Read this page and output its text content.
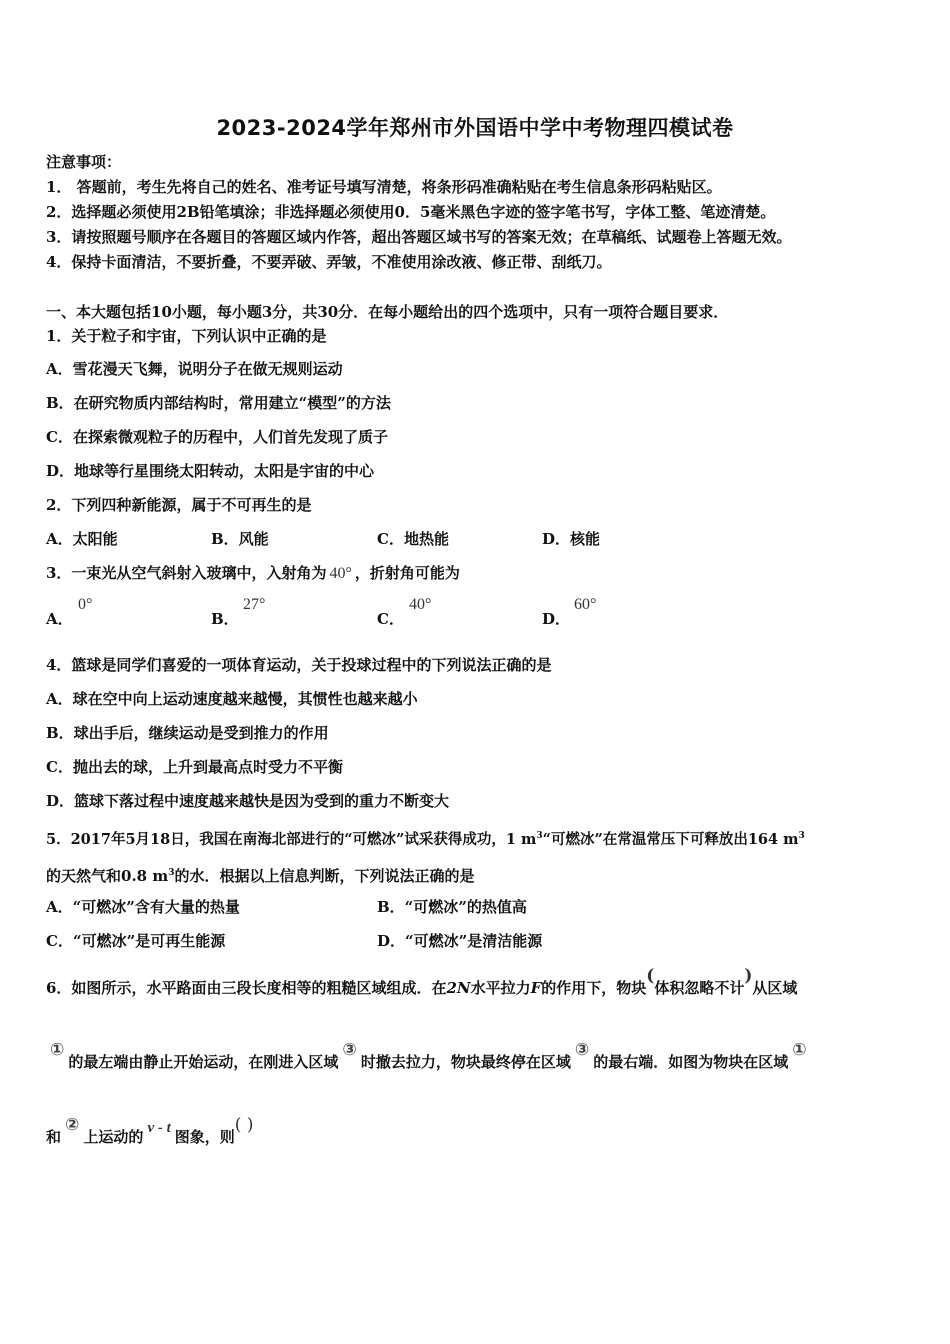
2023-2024学年郑州市外国语中学中考物理四模试卷
注意事项：
1． 答题前，考生先将自己的姓名、准考证号填写清楚，将条形码准确粘贴在考生信息条形码粘贴区。
2．选择题必须使用2B铅笔填涂；非选择题必须使用0．5毫米黑色字迹的签字笔书写，字体工整、笔迹清楚。
3．请按照题号顺序在各题目的答题区域内作答，超出答题区域书写的答案无效；在草稿纸、试题卷上答题无效。
4．保持卡面清洁，不要折叠，不要弄破、弄皱，不准使用涂改液、修正带、刮纸刀。
一、本大题包括10小题，每小题3分，共30分．在每小题给出的四个选项中，只有一项符合题目要求．
1．关于粒子和宇宙，下列认识中正确的是
A．雪花漫天飞舞，说明分子在做无规则运动
B．在研究物质内部结构时，常用建立“模型”的方法
C．在探索微观粒子的历程中，人们首先发现了质子
D．地球等行星围绕太阳转动，太阳是宇宙的中心
2．下列四种新能源，属于不可再生的是
A．太阳能	B．风能	C．地热能	D．核能
3．一束光从空气斜射入玻璃中，入射角为 40° ，折射角可能为
A．
0°
B．
27°
C．
40°
D．
60°
4．篮球是同学们喜爱的一项体育运动，关于投球过程中的下列说法正确的是
A．球在空中向上运动速度越来越慢，其惯性也越来越小
B．球出手后，继续运动是受到推力的作用
C．抛出去的球，上升到最高点时受力不平衡
D．篮球下落过程中速度越来越快是因为受到的重力不断变大
5．2017年5月18日，我国在南海北部进行的“可燃冰”试采获得成功，1 $m^3“$可燃冰”在常温常压下可释放出164 $m^3$
的天然气和0.8 $m^3$的水．根据以上信息判断，下列说法正确的是
A．“可燃冰”含有大量的热量	B．“可燃冰”的热值高
C．“可燃冰”是可再生能源	D．“可燃冰”是清洁能源
6．如图所示，水平路面由三段长度相等的粗糙区域组成．在2N水平拉力F的作用下，物块(体积忽略不计)从区域
①的最左端由静止开始运动，在刚进入区域③时撤去拉力，物块最终停在区域③的最右端．如图为物块在区域①
和②上运动的 v - t 图象，则( )
